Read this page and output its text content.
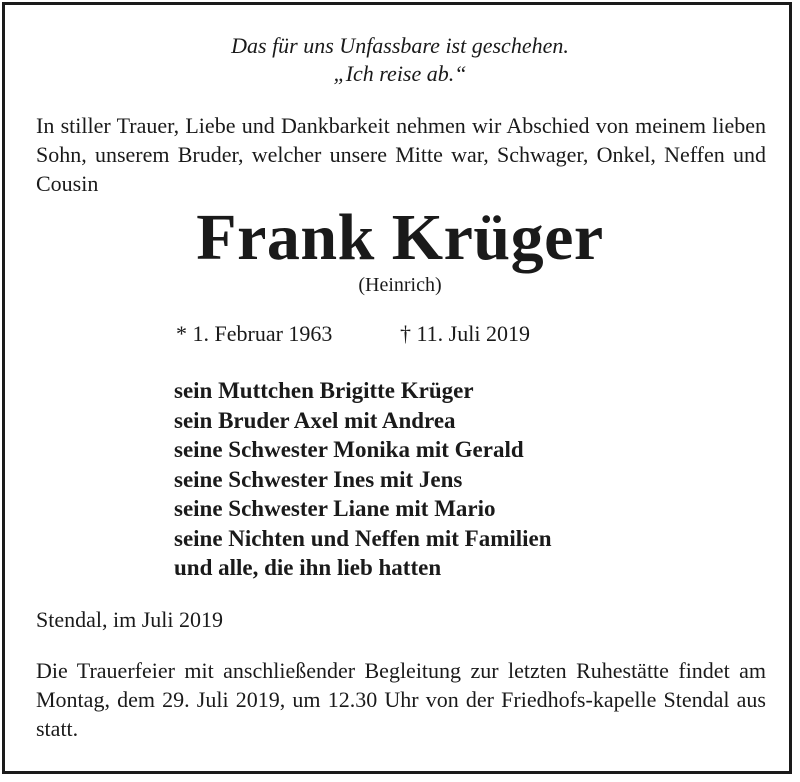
Das für uns Unfassbare ist geschehen.
„Ich reise ab.“
In stiller Trauer, Liebe und Dankbarkeit nehmen wir Abschied von meinem lieben Sohn, unserem Bruder, welcher unsere Mitte war, Schwager, Onkel, Neffen und Cousin
Frank Krüger
(Heinrich)
* 1. Februar 1963	† 11. Juli 2019
sein Muttchen Brigitte Krüger
sein Bruder Axel mit Andrea
seine Schwester Monika mit Gerald
seine Schwester Ines mit Jens
seine Schwester Liane mit Mario
seine Nichten und Neffen mit Familien
und alle, die ihn lieb hatten
Stendal, im Juli 2019
Die Trauerfeier mit anschließender Begleitung zur letzten Ruhestätte findet am Montag, dem 29. Juli 2019, um 12.30 Uhr von der Friedhofs-kapelle Stendal aus statt.
